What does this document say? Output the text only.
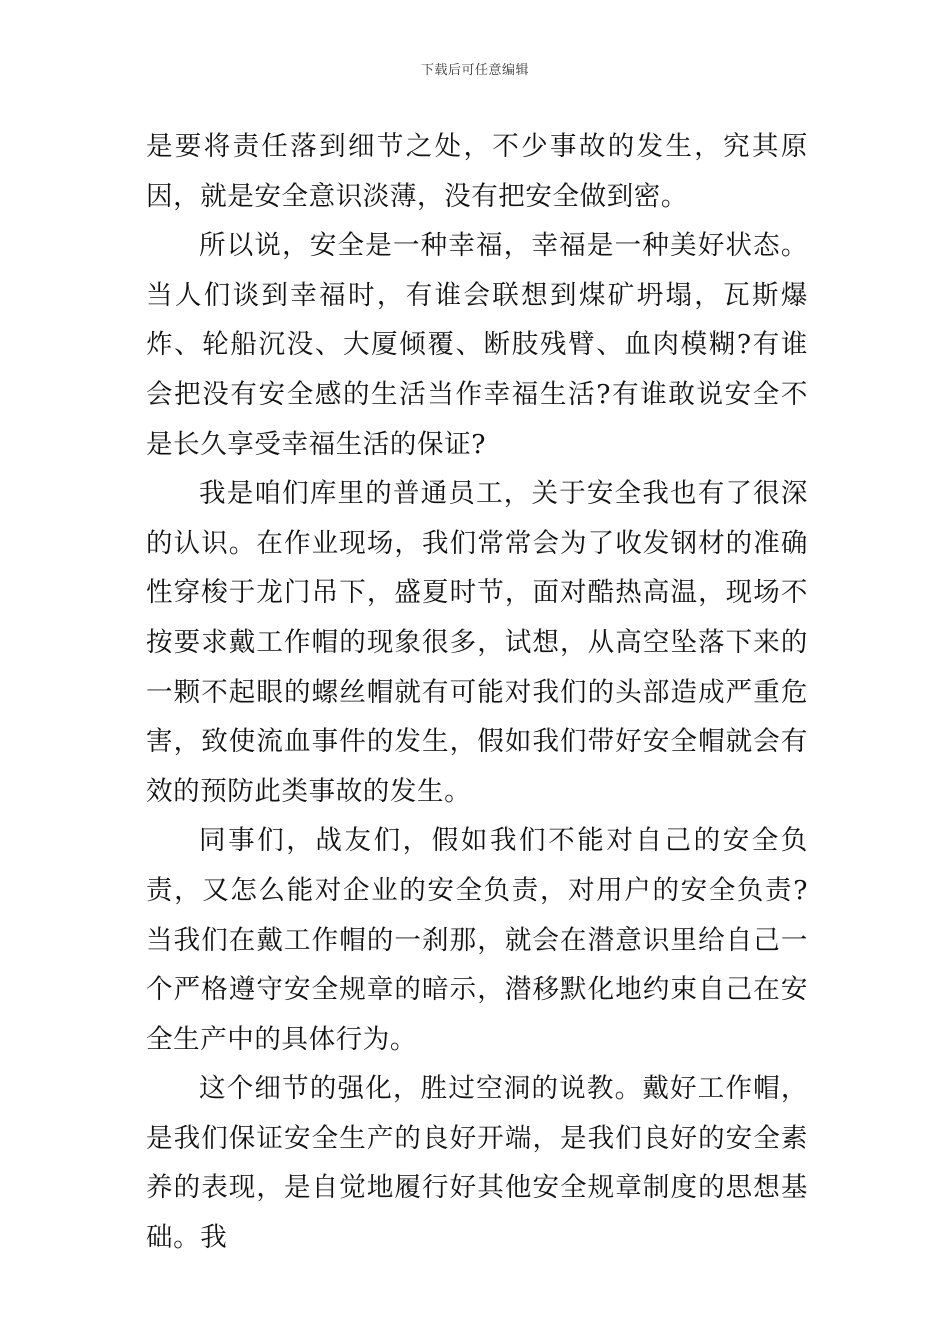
下载后可任意编辑

是要将责任落到细节之处，不少事故的发生，究其原因，就是安全意识淡薄，没有把安全做到密。

所以说，安全是一种幸福，幸福是一种美好状态。当人们谈到幸福时，有谁会联想到煤矿坍塌，瓦斯爆炸、轮船沉没、大厦倾覆、断肢残臂、血肉模糊?有谁会把没有安全感的生活当作幸福生活?有谁敢说安全不是长久享受幸福生活的保证?

我是咱们库里的普通员工，关于安全我也有了很深的认识。在作业现场，我们常常会为了收发钢材的准确性穿梭于龙门吊下，盛夏时节，面对酷热高温，现场不按要求戴工作帽的现象很多，试想，从高空坠落下来的一颗不起眼的螺丝帽就有可能对我们的头部造成严重危害，致使流血事件的发生，假如我们带好安全帽就会有效的预防此类事故的发生。

同事们，战友们，假如我们不能对自己的安全负责，又怎么能对企业的安全负责，对用户的安全负责?当我们在戴工作帽的一刹那，就会在潜意识里给自己一个严格遵守安全规章的暗示，潜移默化地约束自己在安全生产中的具体行为。

这个细节的强化，胜过空洞的说教。戴好工作帽，是我们保证安全生产的良好开端，是我们良好的安全素养的表现，是自觉地履行好其他安全规章制度的思想基础。我
